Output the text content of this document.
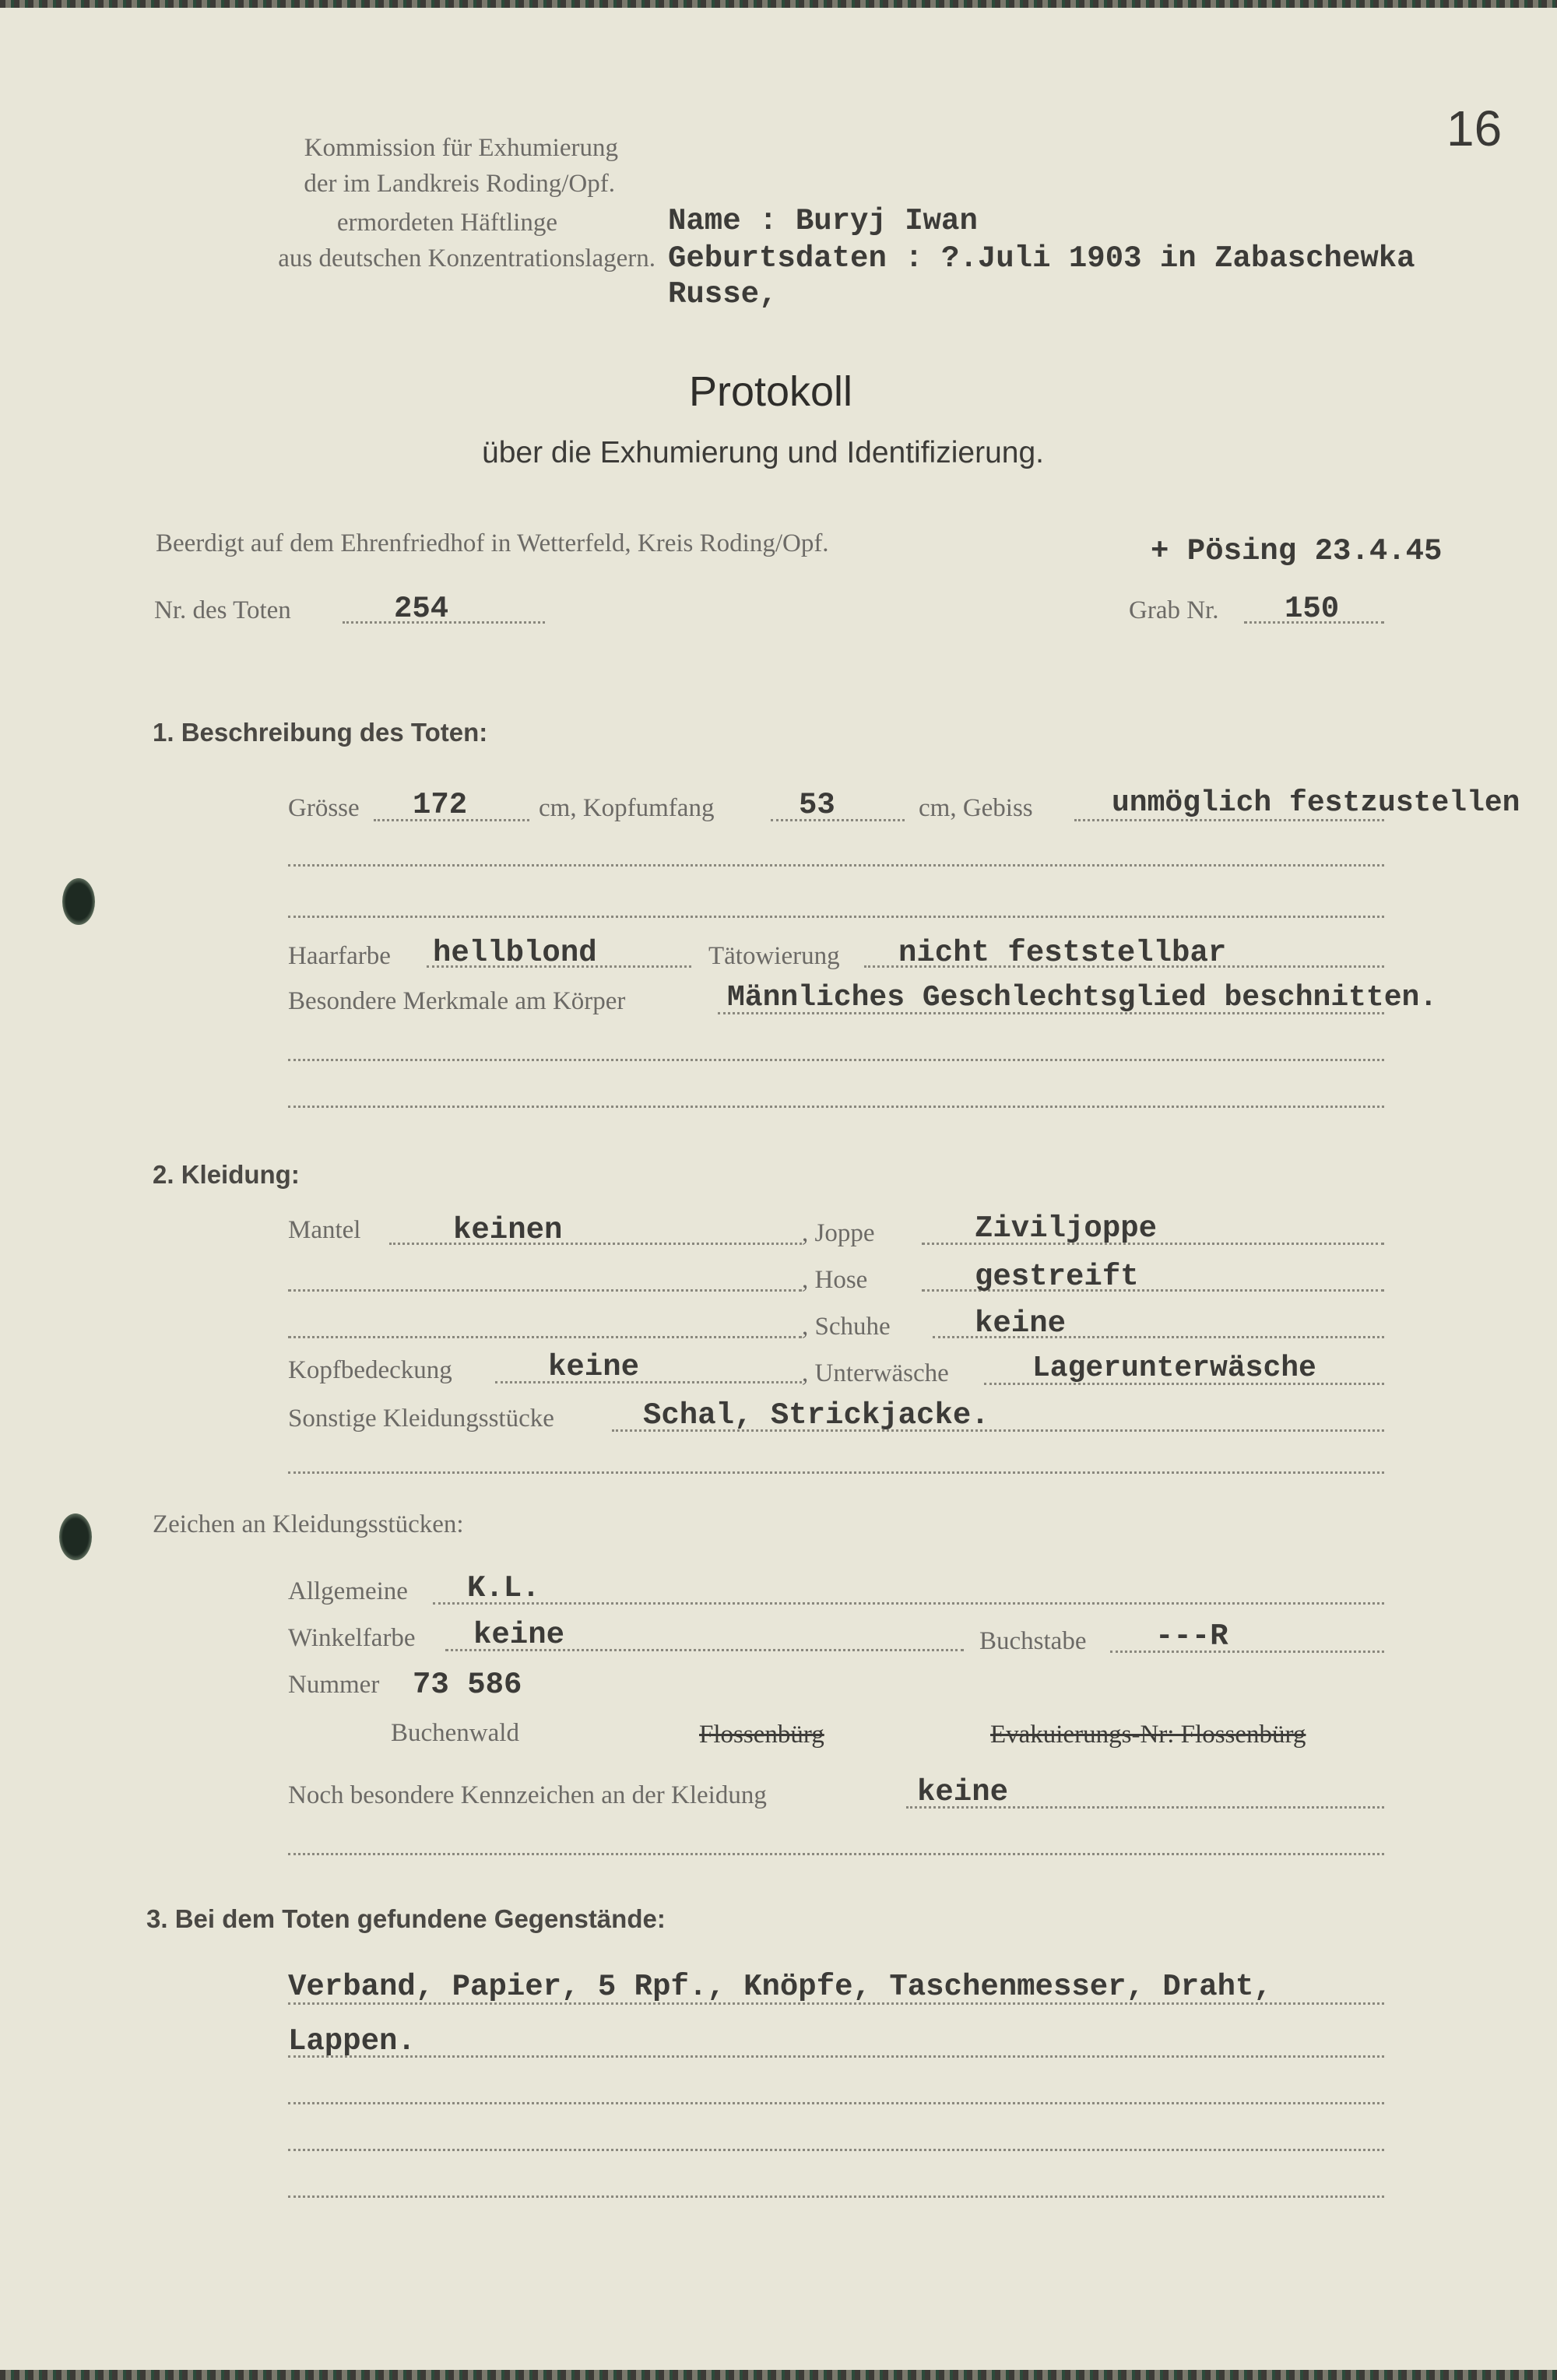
16
Kommission für Exhumierung
der im Landkreis Roding/Opf.
ermordeten Häftlinge
aus deutschen Konzentrationslagern.
Name : Buryj Iwan
Geburtsdaten : ?.Juli 1903 in Zabaschewka
Russe,
Protokoll
über die Exhumierung und Identifizierung.
Beerdigt auf dem Ehrenfriedhof in Wetterfeld, Kreis Roding/Opf.	+ Pösing 23.4.45
Nr. des Toten	254	Grab Nr. 150
1. Beschreibung des Toten:
Grösse 172	cm, Kopfumfang	53	cm, Gebiss	unmöglich festzustellen
Haarfarbe hellblond	Tätowierung nicht feststellbar
Besondere Merkmale am Körper	Männliches Geschlechtsglied beschnitten.
2. Kleidung:
Mantel	keinen	, Joppe	Ziviljoppe
, Hose	gestreift
, Schuhe	keine
Kopfbedeckung	keine	, Unterwäsche	Lagerunterwäsche
Sonstige Kleidungsstücke	Schal, Strickjacke.
Zeichen an Kleidungsstücken:
Allgemeine K.L.
Winkelfarbe keine	Buchstabe ---R
Nummer 73 586
Buchenwald	Flossenbürg	Evakuierungs-Nr: Flossenbürg
Noch besondere Kennzeichen an der Kleidung	keine
3. Bei dem Toten gefundene Gegenstände:
Verband, Papier, 5 Rpf., Knöpfe, Taschenmesser, Draht,
Lappen.
